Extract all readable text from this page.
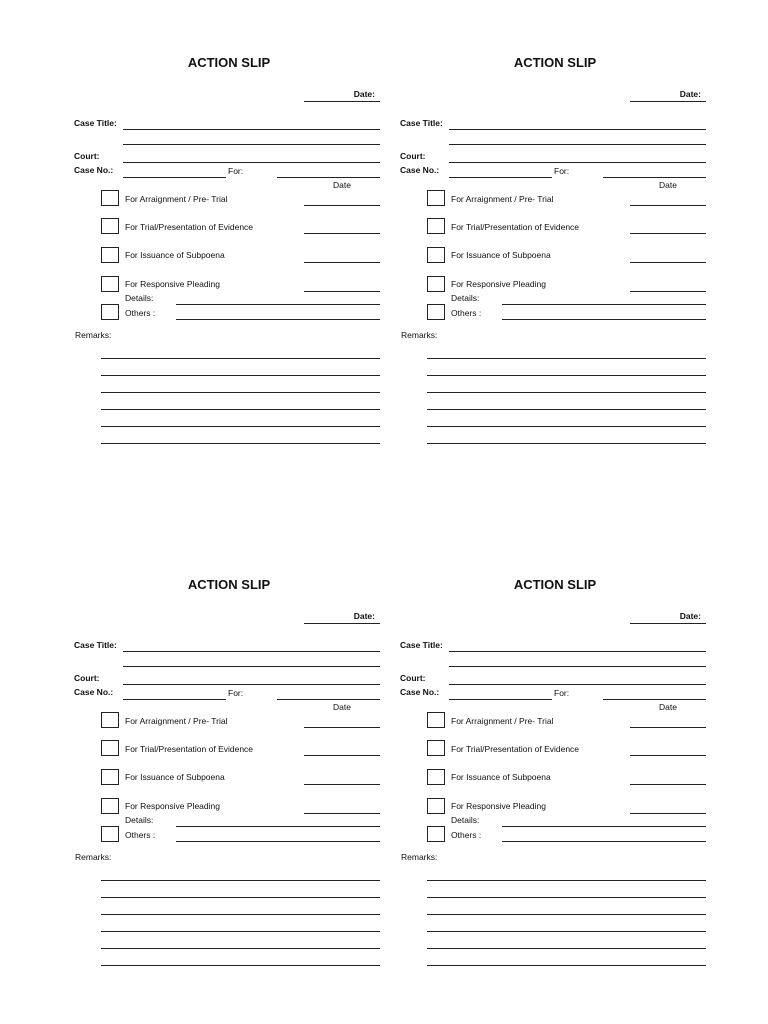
ACTION SLIP
Date:
Case Title:
Court:
Case No.:	For:
Date
For Arraignment / Pre- Trial
For Trial/Presentation of Evidence
For Issuance of Subpoena
For Responsive Pleading
Details:
Others :
Remarks:
ACTION SLIP
Date:
Case Title:
Court:
Case No.:	For:
Date
For Arraignment / Pre- Trial
For Trial/Presentation of Evidence
For Issuance of Subpoena
For Responsive Pleading
Details:
Others :
Remarks:
ACTION SLIP
Date:
Case Title:
Court:
Case No.:	For:
Date
For Arraignment / Pre- Trial
For Trial/Presentation of Evidence
For Issuance of Subpoena
For Responsive Pleading
Details:
Others :
Remarks:
ACTION SLIP
Date:
Case Title:
Court:
Case No.:	For:
Date
For Arraignment / Pre- Trial
For Trial/Presentation of Evidence
For Issuance of Subpoena
For Responsive Pleading
Details:
Others :
Remarks:
